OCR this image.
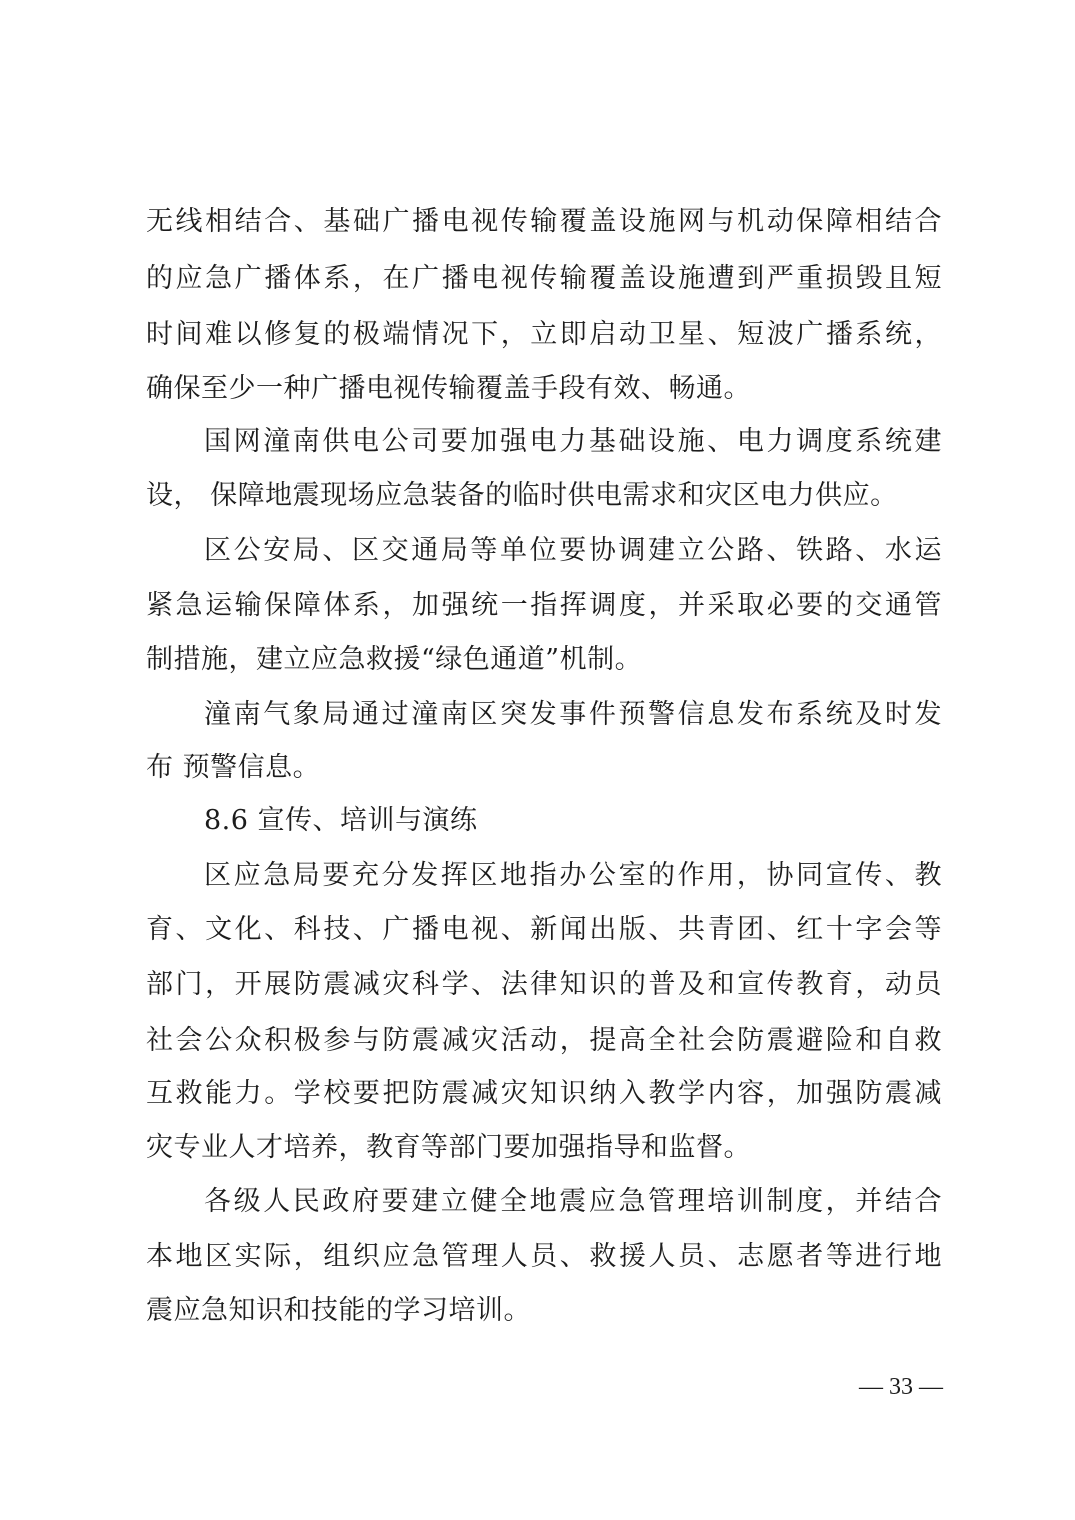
无线相结合、基础广播电视传输覆盖设施网与机动保障相结合
的应急广播体系，在广播电视传输覆盖设施遭到严重损毁且短
时间难以修复的极端情况下，立即启动卫星、短波广播系统，
确保至少一种广播电视传输覆盖手段有效、畅通。
国网潼南供电公司要加强电力基础设施、电力调度系统建
设， 保障地震现场应急装备的临时供电需求和灾区电力供应。
区公安局、区交通局等单位要协调建立公路、铁路、水运
紧急运输保障体系，加强统一指挥调度，并采取必要的交通管
制措施，建立应急救援“绿色通道”机制。
潼南气象局通过潼南区突发事件预警信息发布系统及时发
布 预警信息。
8.6 宣传、培训与演练
区应急局要充分发挥区地指办公室的作用，协同宣传、教
育、文化、科技、广播电视、新闻出版、共青团、红十字会等
部门，开展防震减灾科学、法律知识的普及和宣传教育，动员
社会公众积极参与防震减灾活动，提高全社会防震避险和自救
互救能力。学校要把防震减灾知识纳入教学内容，加强防震减
灾专业人才培养，教育等部门要加强指导和监督。
各级人民政府要建立健全地震应急管理培训制度，并结合
本地区实际，组织应急管理人员、救援人员、志愿者等进行地
震应急知识和技能的学习培训。
— 33 —
